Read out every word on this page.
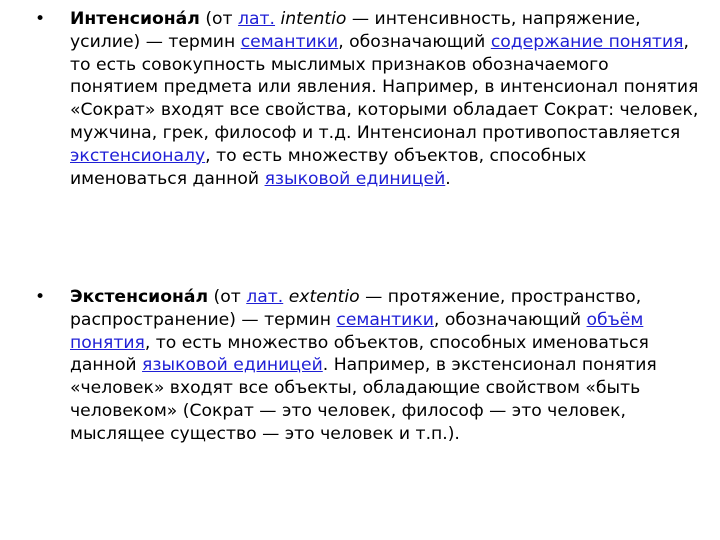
•	Интенсиона́л (от лат. intentio — интенсивность, напряжение, усилие) — термин семантики, обозначающий содержание понятия, то есть совокупность мыслимых признаков обозначаемого понятием предмета или явления. Например, в интенсионал понятия «Сократ» входят все свойства, которыми обладает Сократ: человек, мужчина, грек, философ и т.д. Интенсионал противопоставляется экстенсионалу, то есть множеству объектов, способных именоваться данной языковой единицей.
•	Экстенсиона́л (от лат. extentio — протяжение, пространство, распространение) — термин семантики, обозначающий объём понятия, то есть множество объектов, способных именоваться данной языковой единицей. Например, в экстенсионал понятия «человек» входят все объекты, обладающие свойством «быть человеком» (Сократ — это человек, философ — это человек, мыслящее существо — это человек и т.п.).
